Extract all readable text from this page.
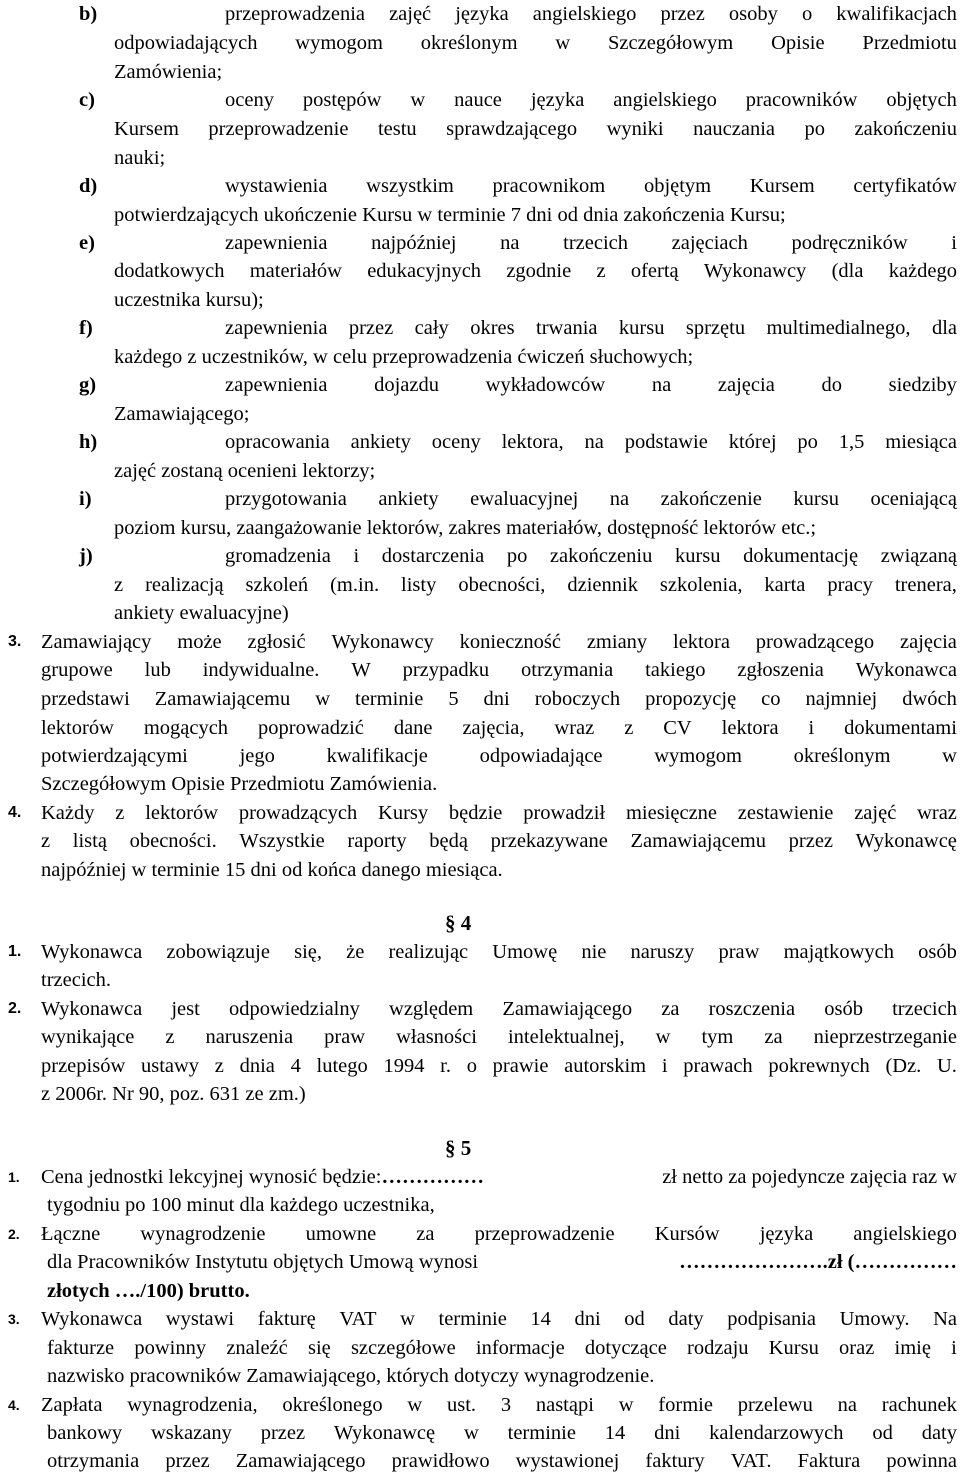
b)	przeprowadzenia zajęć języka angielskiego przez osoby o kwalifikacjach
odpowiadających wymogom określonym w Szczegółowym Opisie Przedmiotu
Zamówienia;
c)	oceny postępów w nauce języka angielskiego pracowników objętych
Kursem przeprowadzenie testu sprawdzającego wyniki nauczania po zakończeniu
nauki;
d)	wystawienia wszystkim pracownikom objętym Kursem certyfikatów
potwierdzających ukończenie Kursu w terminie 7 dni od dnia zakończenia Kursu;
e)	zapewnienia najpóźniej na trzecich zajęciach podręczników i
dodatkowych materiałów edukacyjnych zgodnie z ofertą Wykonawcy (dla każdego
uczestnika kursu);
f)	zapewnienia przez cały okres trwania kursu sprzętu multimedialnego, dla
każdego z uczestników, w celu przeprowadzenia ćwiczeń słuchowych;
g)	zapewnienia dojazdu wykładowców na zajęcia do siedziby
Zamawiającego;
h)	opracowania ankiety oceny lektora, na podstawie której po 1,5 miesiąca
zajęć zostaną ocenieni lektorzy;
i)	przygotowania ankiety ewaluacyjnej na zakończenie kursu oceniającą
poziom kursu, zaangażowanie lektorów, zakres materiałów, dostępność lektorów etc.;
j)	gromadzenia i dostarczenia po zakończeniu kursu dokumentację związaną
z realizacją szkoleń (m.in. listy obecności, dziennik szkolenia, karta pracy trenera,
ankiety ewaluacyjne)
3. Zamawiający może zgłosić Wykonawcy konieczność zmiany lektora prowadzącego zajęcia
grupowe lub indywidualne. W przypadku otrzymania takiego zgłoszenia Wykonawca
przedstawi Zamawiającemu w terminie 5 dni roboczych propozycję co najmniej dwóch
lektorów mogących poprowadzić dane zajęcia, wraz z CV lektora i dokumentami
potwierdzającymi	jego	kwalifikacje	odpowiadające	wymogom	określonym	w
Szczegółowym Opisie Przedmiotu Zamówienia.
4. Każdy z lektorów prowadzących Kursy będzie prowadził miesięczne zestawienie zajęć wraz
z listą obecności. Wszystkie raporty będą przekazywane Zamawiającemu przez Wykonawcę
najpóźniej w terminie 15 dni od końca danego miesiąca.
§ 4
1. Wykonawca zobowiązuje się, że realizując Umowę nie naruszy praw majątkowych osób
trzecich.
2. Wykonawca jest odpowiedzialny względem Zamawiającego za roszczenia osób trzecich
wynikające z naruszenia praw własności intelektualnej, w tym za nieprzestrzeganie
przepisów ustawy z dnia 4 lutego 1994 r. o prawie autorskim i prawach pokrewnych (Dz. U.
z 2006r. Nr 90, poz. 631 ze zm.)
§ 5
1. Cena jednostki lekcyjnej wynosić będzie:……………	zł netto za pojedyncze zajęcia raz w
tygodniu po 100 minut dla każdego uczestnika,
2. Łączne wynagrodzenie umowne za przeprowadzenie Kursów języka angielskiego
dla Pracowników Instytutu objętych Umową wynosi	………………….zł (……………
złotych …./100) brutto.
3. Wykonawca wystawi fakturę VAT w terminie 14 dni od daty podpisania Umowy. Na
fakturze powinny znaleźć się szczegółowe informacje dotyczące rodzaju Kursu oraz imię i
nazwisko pracowników Zamawiającego, których dotyczy wynagrodzenie.
4. Zapłata wynagrodzenia, określonego w ust. 3 nastąpi w formie przelewu na rachunek
bankowy wskazany przez Wykonawcę w terminie 14 dni kalendarzowych od daty
otrzymania przez Zamawiającego prawidłowo wystawionej faktury VAT. Faktura powinna
